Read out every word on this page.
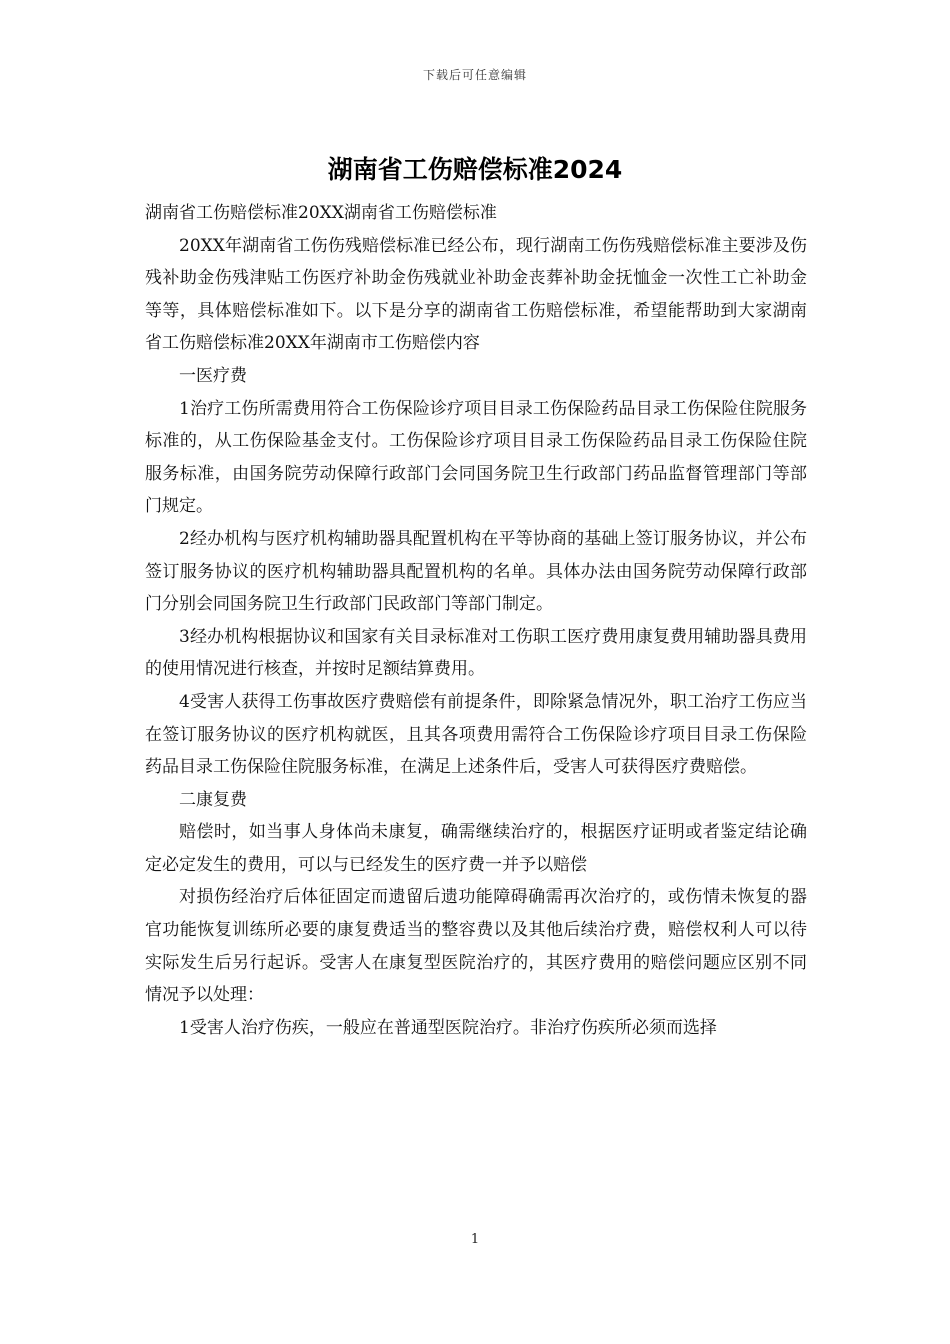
下载后可任意编辑
湖南省工伤赔偿标准2024

湖南省工伤赔偿标准20XX湖南省工伤赔偿标准

20XX年湖南省工伤伤残赔偿标准已经公布，现行湖南工伤伤残赔偿标准主要涉及伤残补助金伤残津贴工伤医疗补助金伤残就业补助金丧葬补助金抚恤金一次性工亡补助金等等，具体赔偿标准如下。以下是分享的湖南省工伤赔偿标准，希望能帮助到大家湖南省工伤赔偿标准20XX年湖南市工伤赔偿内容

一医疗费

1治疗工伤所需费用符合工伤保险诊疗项目目录工伤保险药品目录工伤保险住院服务标准的，从工伤保险基金支付。工伤保险诊疗项目目录工伤保险药品目录工伤保险住院服务标准，由国务院劳动保障行政部门会同国务院卫生行政部门药品监督管理部门等部门规定。

2经办机构与医疗机构辅助器具配置机构在平等协商的基础上签订服务协议，并公布签订服务协议的医疗机构辅助器具配置机构的名单。具体办法由国务院劳动保障行政部门分别会同国务院卫生行政部门民政部门等部门制定。

3经办机构根据协议和国家有关目录标准对工伤职工医疗费用康复费用辅助器具费用的使用情况进行核查，并按时足额结算费用。

4受害人获得工伤事故医疗费赔偿有前提条件，即除紧急情况外，职工治疗工伤应当在签订服务协议的医疗机构就医，且其各项费用需符合工伤保险诊疗项目目录工伤保险药品目录工伤保险住院服务标准，在满足上述条件后，受害人可获得医疗费赔偿。

二康复费

赔偿时，如当事人身体尚未康复，确需继续治疗的，根据医疗证明或者鉴定结论确定必定发生的费用，可以与已经发生的医疗费一并予以赔偿

对损伤经治疗后体征固定而遗留后遗功能障碍确需再次治疗的，或伤情未恢复的器官功能恢复训练所必要的康复费适当的整容费以及其他后续治疗费，赔偿权利人可以待实际发生后另行起诉。受害人在康复型医院治疗的，其医疗费用的赔偿问题应区别不同情况予以处理：

1受害人治疗伤疾，一般应在普通型医院治疗。非治疗伤疾所必须而选择

1
